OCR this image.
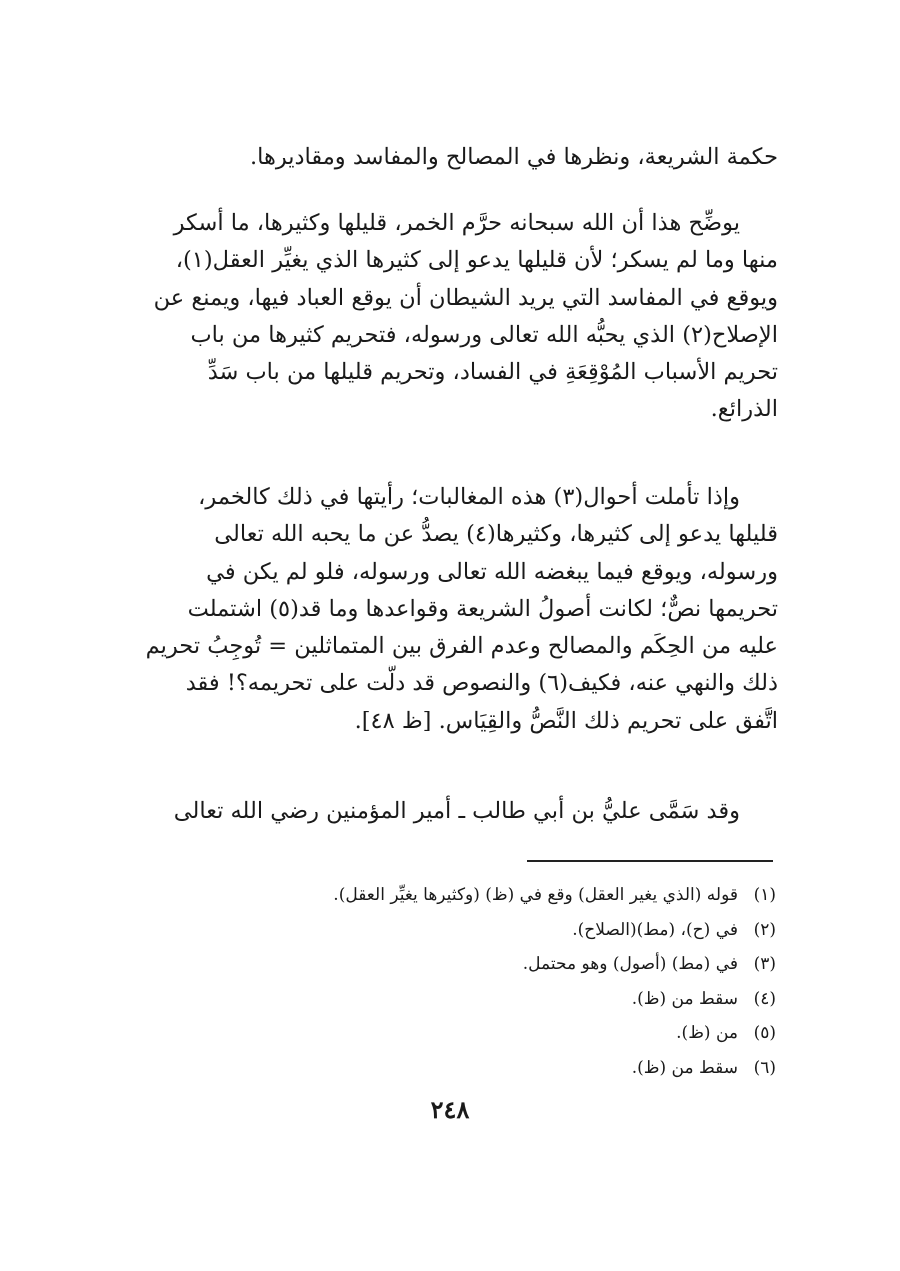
حكمة الشريعة، ونظرها في المصالح والمفاسد ومقاديرها.
يوضِّح هذا أن الله سبحانه حرَّم الخمر، قليلها وكثيرها، ما أسكر
منها وما لم يسكر؛ لأن قليلها يدعو إلى كثيرها الذي يغيِّر العقل(١)،
ويوقع في المفاسد التي يريد الشيطان أن يوقع العباد فيها، ويمنع عن
الإصلاح(٢) الذي يحبُّه الله تعالى ورسوله، فتحريم كثيرها من باب
تحريم الأسباب المُوْقِعَةِ في الفساد، وتحريم قليلها من باب سَدِّ
الذرائع.
وإذا تأملت أحوال(٣) هذه المغالبات؛ رأيتها في ذلك كالخمر،
قليلها يدعو إلى كثيرها، وكثيرها(٤) يصدُّ عن ما يحبه الله تعالى
ورسوله، ويوقع فيما يبغضه الله تعالى ورسوله، فلو لم يكن في
تحريمها نصٌّ؛ لكانت أصولُ الشريعة وقواعدها وما قد(٥) اشتملت
عليه من الحِكَم والمصالح وعدم الفرق بين المتماثلين = تُوجِبُ تحريم
ذلك والنهي عنه، فكيف(٦) والنصوص قد دلَّت على تحريمه؟! فقد
اتَّفق على تحريم ذلك النَّصُّ والقِيَاس. [ظ ٤٨].
وقد سَمَّى عليُّ بن أبي طالب ـ أمير المؤمنين رضي الله تعالى
(١)قوله (الذي يغير العقل) وقع في (ظ) (وكثيرها يغيِّر العقل).
(٢)في (ح)، (مط)(الصلاح).
(٣)في (مط) (أصول) وهو محتمل.
(٤)سقط من (ظ).
(٥)من (ظ).
(٦)سقط من (ظ).
٢٤٨
